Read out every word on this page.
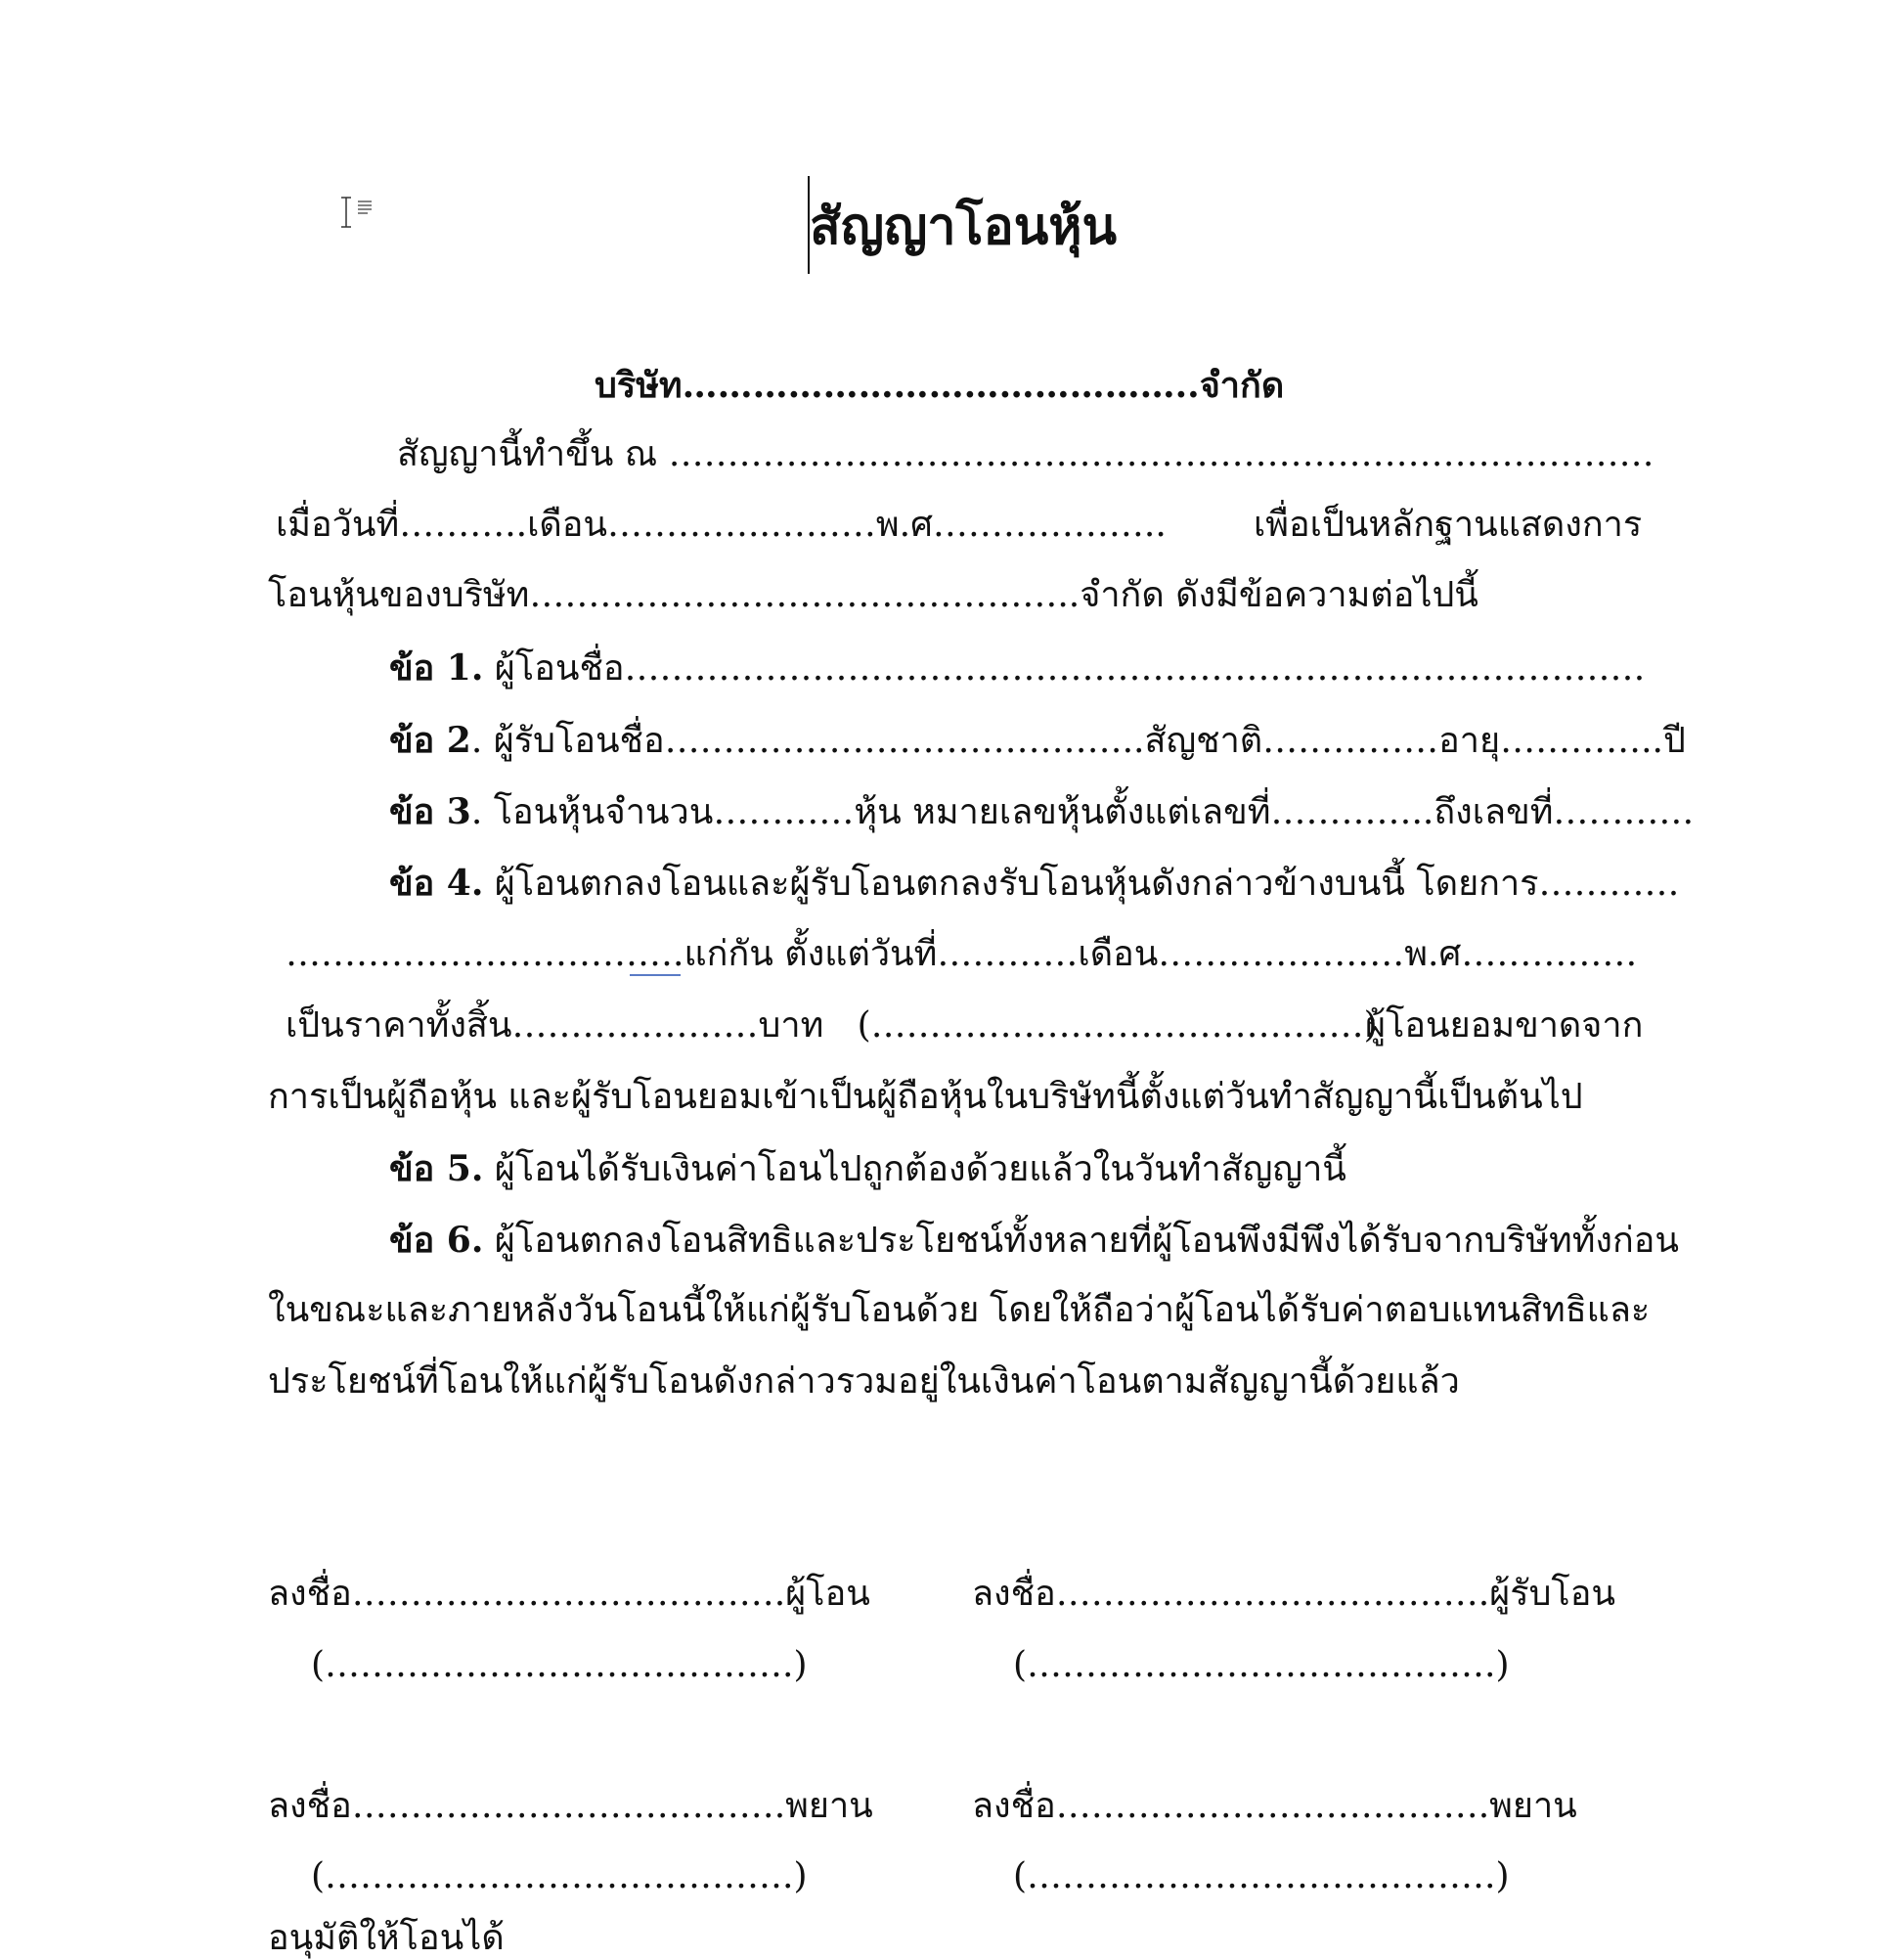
สัญญาโอนหุ้น
บริษัท……………………………………..จำกัด
สัญญานี้ทำขึ้น ณ …………………………………………………………………………
เมื่อวันที่………..เดือน…………..………พ.ศ………………..	เพื่อเป็นหลักฐานแสดงการ
โอนหุ้นของบริษัท………………………………………..จำกัด ดังมีข้อความต่อไปนี้
ข้อ 1. ผู้โอนชื่อ……………………………………………………………………………
ข้อ 2. ผู้รับโอนชื่อ…………………………………..สัญชาติ……………อายุ…………..ปี
ข้อ 3. โอนหุ้นจำนวน…………หุ้น หมายเลขหุ้นตั้งแต่เลขที่…………..ถึงเลขที่…………
ข้อ 4. ผู้โอนตกลงโอนและผู้รับโอนตกลงรับโอนหุ้นดังกล่าวข้างบนนี้ โดยการ…………
…………………………….แก่กัน ตั้งแต่วันที่…………เดือน…………………พ.ศ……………
เป็นราคาทั้งสิ้น…………………บาท   (……………………………………)
ผู้โอนยอมขาดจาก
การเป็นผู้ถือหุ้น และผู้รับโอนยอมเข้าเป็นผู้ถือหุ้นในบริษัทนี้ตั้งแต่วันทำสัญญานี้เป็นต้นไป
ข้อ 5. ผู้โอนได้รับเงินค่าโอนไปถูกต้องด้วยแล้วในวันทำสัญญานี้
ข้อ 6. ผู้โอนตกลงโอนสิทธิและประโยชน์ทั้งหลายที่ผู้โอนพึงมีพึงได้รับจากบริษัททั้งก่อน
ในขณะและภายหลังวันโอนนี้ให้แก่ผู้รับโอนด้วย โดยให้ถือว่าผู้โอนได้รับค่าตอบแทนสิทธิและ
ประโยชน์ที่โอนให้แก่ผู้รับโอนดังกล่าวรวมอยู่ในเงินค่าโอนตามสัญญานี้ด้วยแล้ว
ลงชื่อ……………………………….ผู้โอน	ลงชื่อ……………………………….ผู้รับโอน
(………………………………….)	(………………………………….)
ลงชื่อ……………………………….พยาน	ลงชื่อ……………………………….พยาน
(………………………………….)	(………………………………….)
อนุมัติให้โอนได้
